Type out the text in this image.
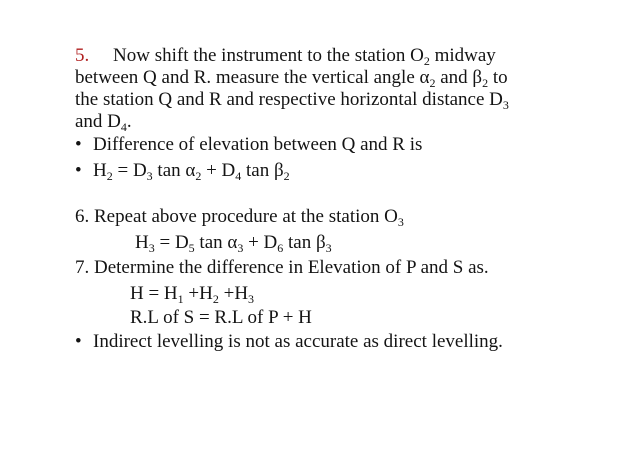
5. Now shift the instrument to the station $O_2$ midway
between Q and R. measure the vertical angle $\alpha_2$ and $\beta_2$ to
the station Q and R and respective horizontal distance $D_3$
and $D_4$.
• Difference of elevation between Q and R is
• $H_2 = D_3$ $\tan \alpha_2 + D_4$ $\tan \beta_2$
6. Repeat above procedure at the station $O_3$
$H_3 = D_5$ $\tan \alpha_3 + D_6$ $\tan \beta_3$
7. Determine the difference in Elevation of P and S as.
$H = H_1 +H_2 +H_3$
R.L of S = R.L of P + H
• Indirect levelling is not as accurate as direct levelling.
